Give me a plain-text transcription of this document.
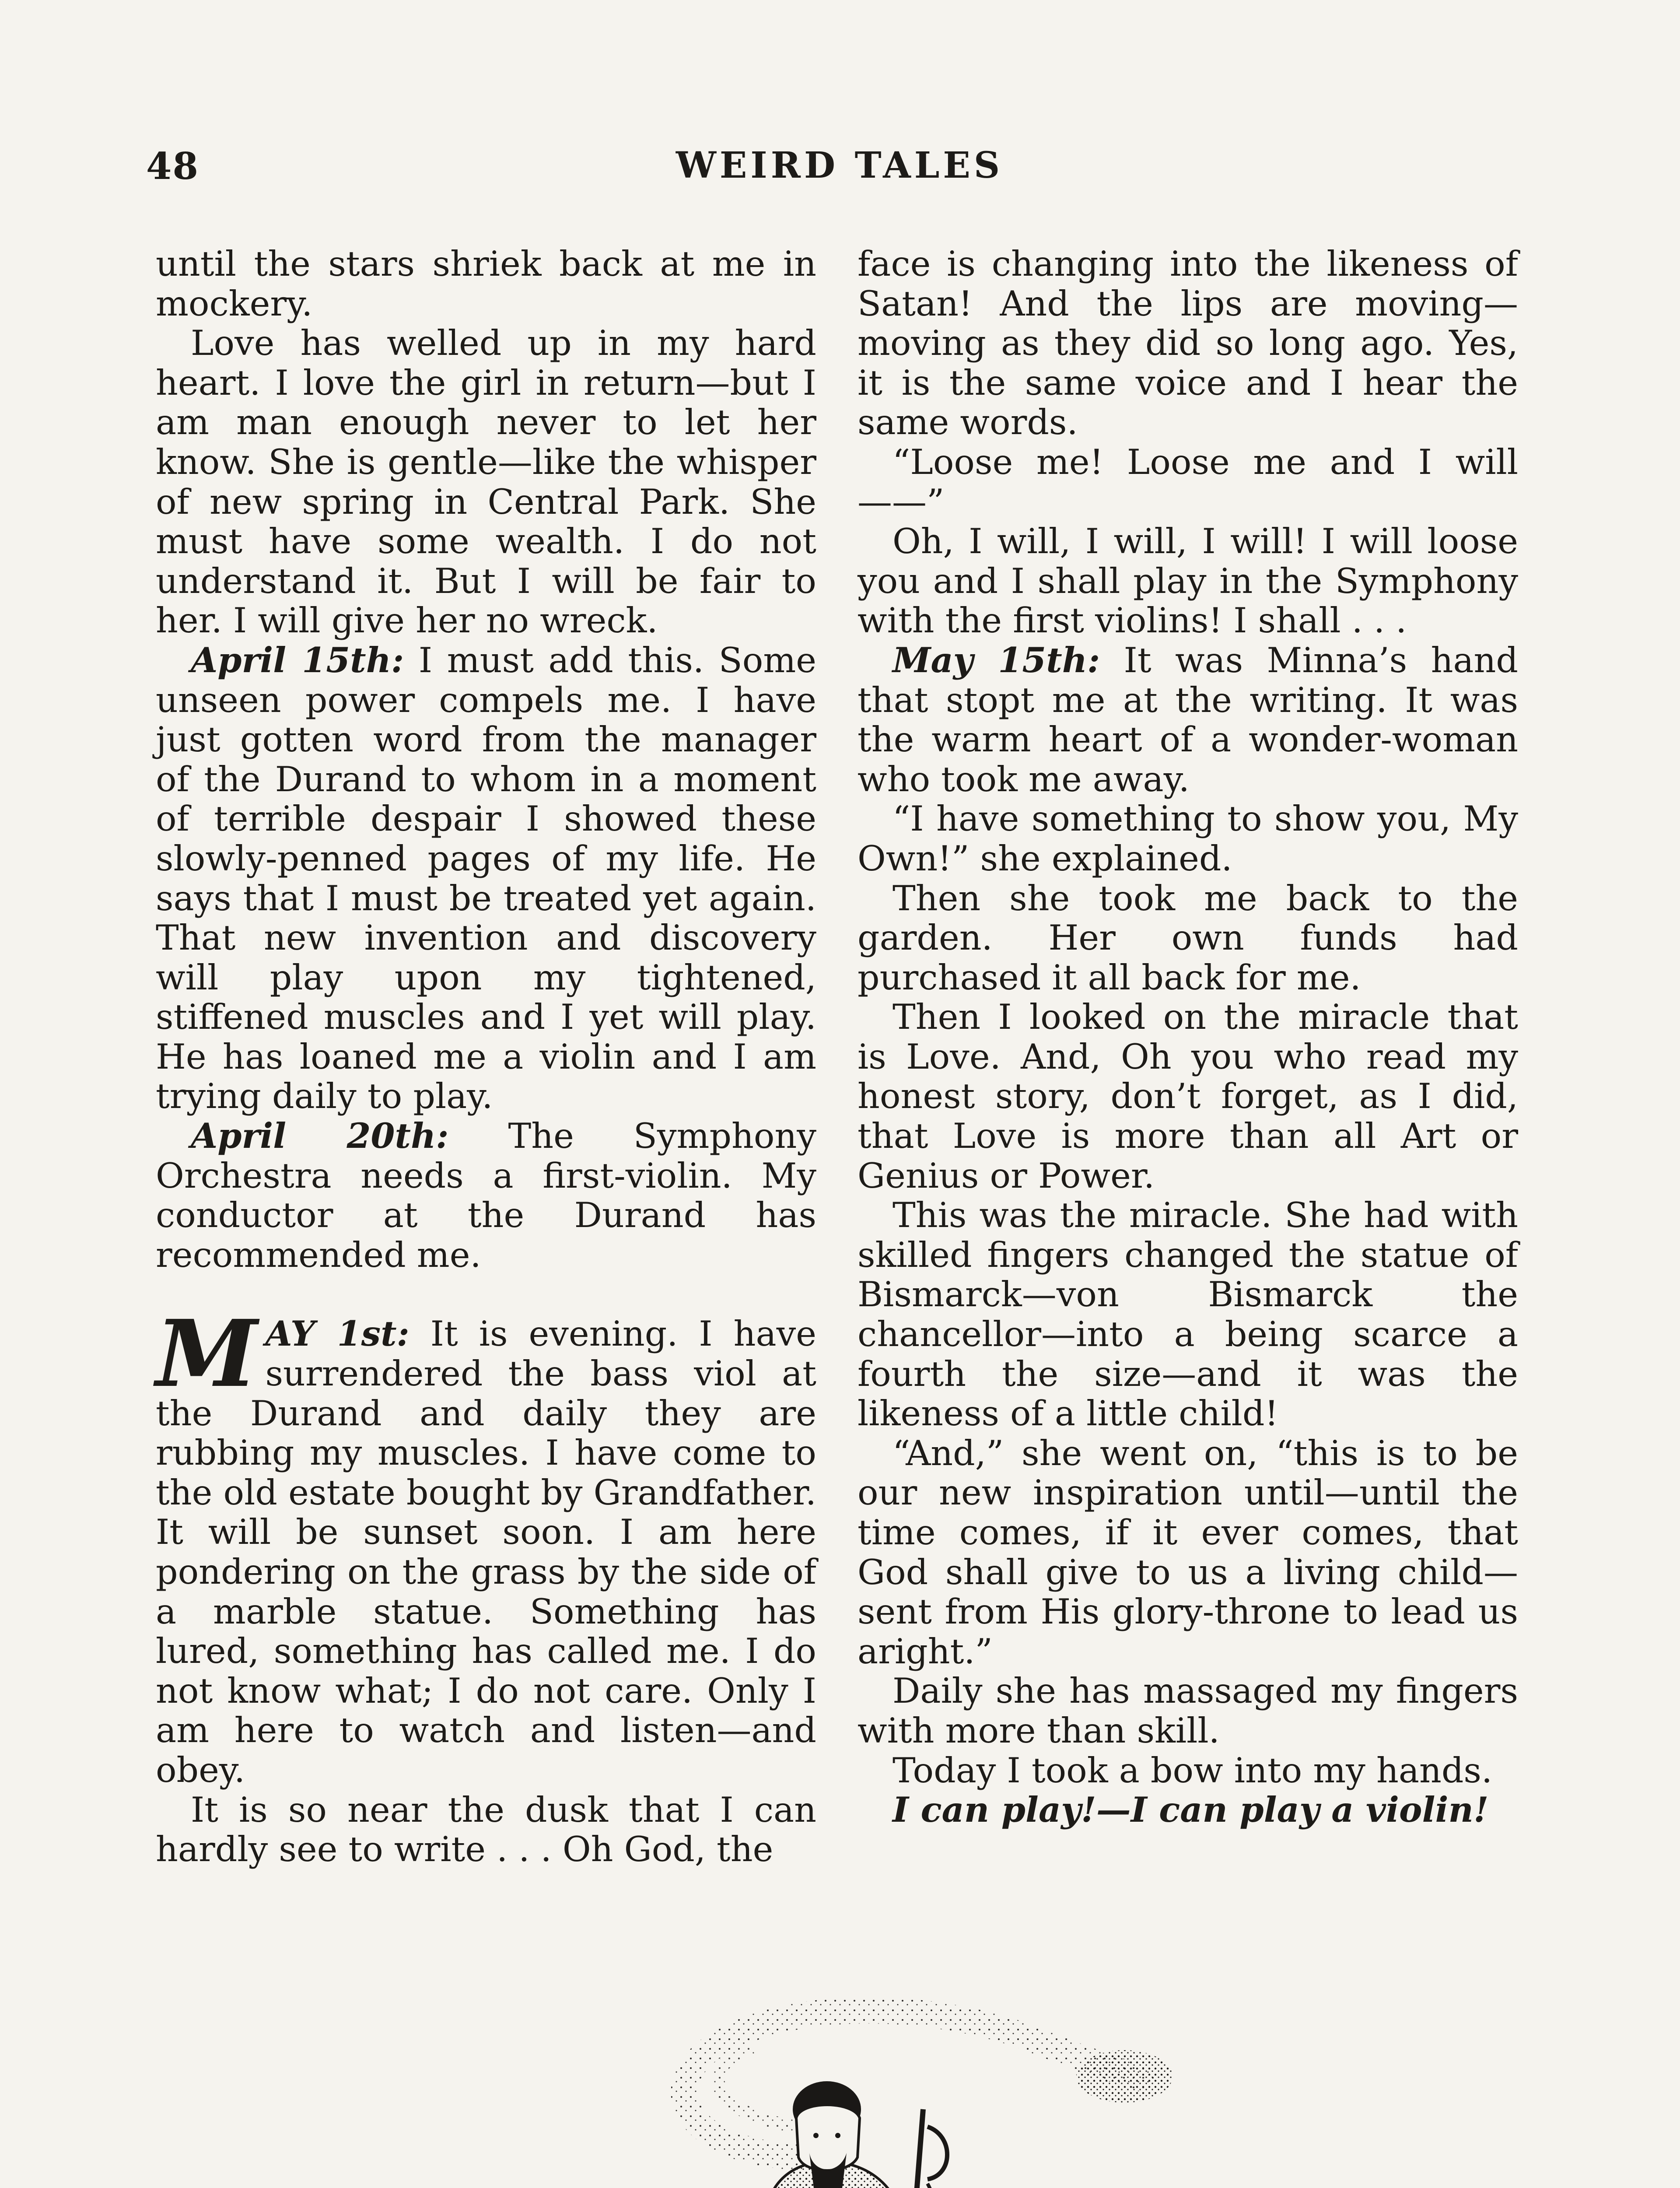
48	WEIRD TALES

until the stars shriek back at me in mockery.

Love has welled up in my hard heart. I love the girl in return—but I am man enough never to let her know. She is gentle—like the whisper of new spring in Central Park. She must have some wealth. I do not understand it. But I will be fair to her. I will give her no wreck.

April 15th: I must add this. Some unseen power compels me. I have just gotten word from the manager of the Durand to whom in a moment of terrible despair I showed these slowly-penned pages of my life. He says that I must be treated yet again. That new invention and discovery will play upon my tightened, stiffened muscles and I yet will play. He has loaned me a violin and I am trying daily to play.

April 20th: The Symphony Orchestra needs a first-violin. My conductor at the Durand has recommended me.

MAY 1st: It is evening. I have surrendered the bass viol at the Durand and daily they are rubbing my muscles. I have come to the old estate bought by Grandfather. It will be sunset soon. I am here pondering on the grass by the side of a marble statue. Something has lured, something has called me. I do not know what; I do not care. Only I am here to watch and listen—and obey.

It is so near the dusk that I can hardly see to write . . . Oh God, the

face is changing into the likeness of Satan! And the lips are moving—moving as they did so long ago. Yes, it is the same voice and I hear the same words.

“Loose me! Loose me and I will——”

Oh, I will, I will, I will! I will loose you and I shall play in the Symphony with the first violins! I shall . . .

May 15th: It was Minna’s hand that stopt me at the writing. It was the warm heart of a wonder-woman who took me away.

“I have something to show you, My Own!” she explained.

Then she took me back to the garden. Her own funds had purchased it all back for me.

Then I looked on the miracle that is Love. And, Oh you who read my honest story, don’t forget, as I did, that Love is more than all Art or Genius or Power.

This was the miracle. She had with skilled fingers changed the statue of Bismarck—von Bismarck the chancellor—into a being scarce a fourth the size—and it was the likeness of a little child!

“And,” she went on, “this is to be our new inspiration until—until the time comes, if it ever comes, that God shall give to us a living child—sent from His glory-throne to lead us aright.”

Daily she has massaged my fingers with more than skill.

Today I took a bow into my hands.

I can play!—I can play a violin!
